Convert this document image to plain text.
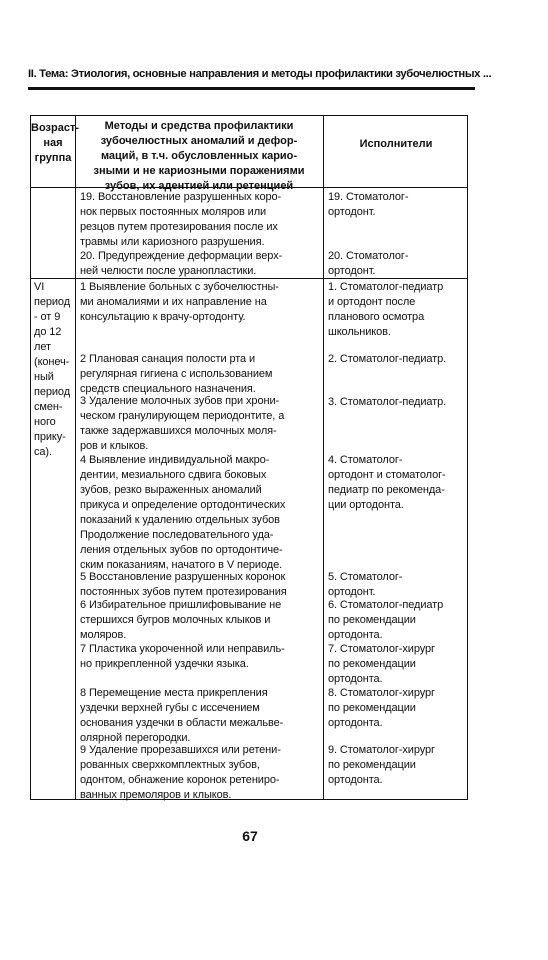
II. Тема: Этиология, основные направления и методы профилактики зубочелюстных ...
Возраст-
ная
группа
Методы и средства профилактики
зубочелюстных аномалий и дефор-
маций, в т.ч. обусловленных карио-
зными и не кариозными поражениями
зубов, их адентией или ретенцией
Исполнители
19. Восстановление разрушенных коро-
нок первых постоянных моляров или
резцов путем протезирования после их
травмы или кариозного разрушения.
19. Стоматолог-
ортодонт.
20. Предупреждение деформации верх-
ней челюсти после уранопластики.
20. Стоматолог-
ортодонт.
VI
период
- от 9
до 12
лет
(конеч-
ный
период
смен-
ного
прику-
са).
1 Выявление больных с зубочелюстны-
ми аномалиями и их направление на
консультацию к врачу-ортодонту.
1. Стоматолог-педиатр
и ортодонт после
планового осмотра
школьников.
2 Плановая санация полости рта и
регулярная гигиена с использованием
средств специального назначения.
2. Стоматолог-педиатр.
3 Удаление молочных зубов при хрони-
ческом гранулирующем периодонтите, а
также задержавшихся молочных моля-
ров и клыков.
3. Стоматолог-педиатр.
4 Выявление индивидуальной макро-
дентии, мезиального сдвига боковых
зубов, резко выраженных аномалий
прикуса и определение ортодонтических
показаний к удалению отдельных зубов
Продолжение последовательного уда-
ления отдельных зубов по ортодонтиче-
ским показаниям, начатого в V периоде.
4. Стоматолог-
ортодонт и стоматолог-
педиатр по рекоменда-
ции ортодонта.
5 Восстановление разрушенных коронок
постоянных зубов путем протезирования
5. Стоматолог-
ортодонт.
6 Избирательное пришлифовывание не
стершихся бугров молочных клыков и
моляров.
6. Стоматолог-педиатр
по рекомендации
ортодонта.
7 Пластика укороченной или неправиль-
но прикрепленной уздечки языка.
7. Стоматолог-хирург
по рекомендации
ортодонта.
8 Перемещение места прикрепления
уздечки верхней губы с иссечением
основания уздечки в области межальве-
олярной перегородки.
8. Стоматолог-хирург
по рекомендации
ортодонта.
9 Удаление прорезавшихся или ретени-
рованных сверхкомплектных зубов,
одонтом, обнажение коронок ретениро-
ванных премоляров и клыков.
9. Стоматолог-хирург
по рекомендации
ортодонта.
67
